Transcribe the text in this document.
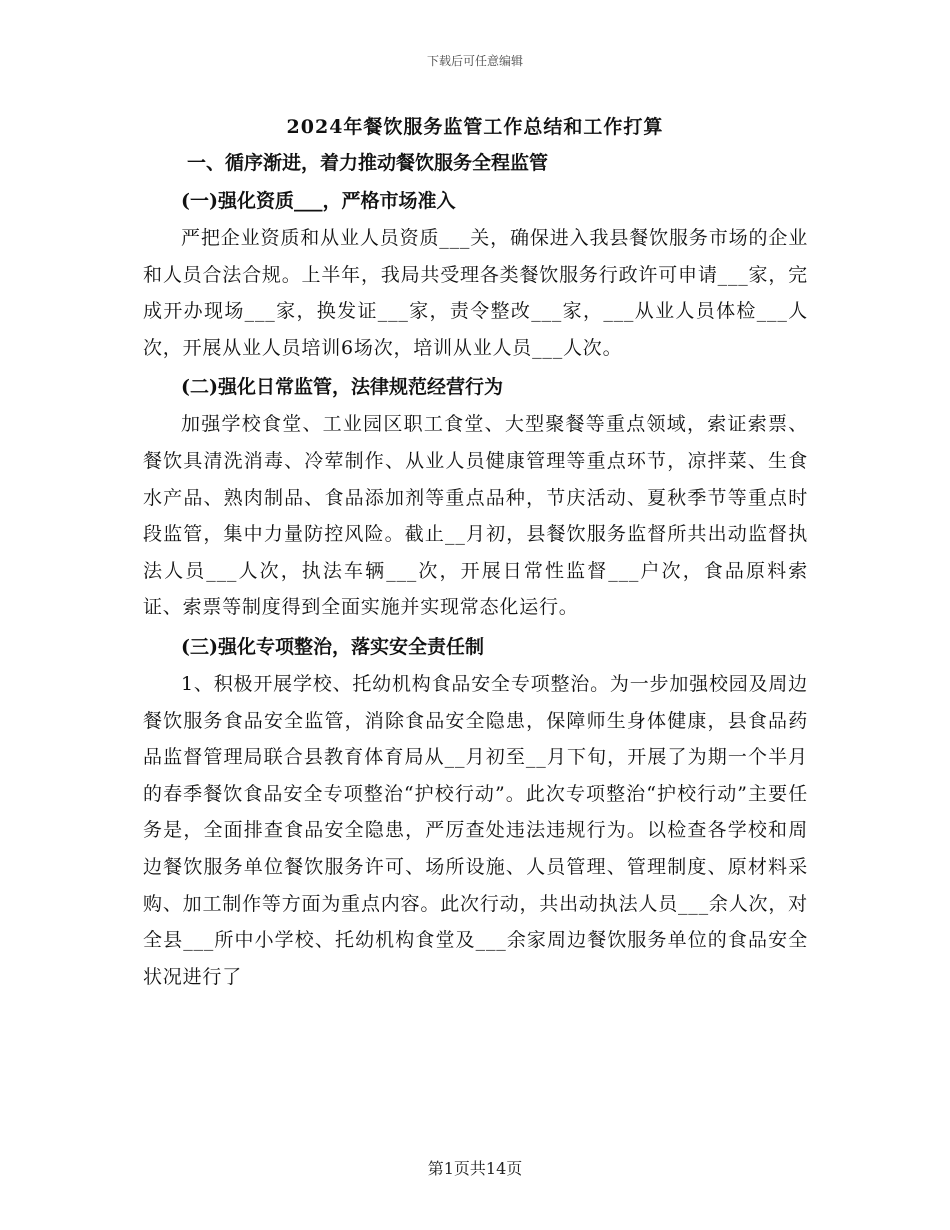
下载后可任意编辑
2024年餐饮服务监管工作总结和工作打算
一、循序渐进，着力推动餐饮服务全程监管
(一)强化资质___，严格市场准入

严把企业资质和从业人员资质___关，确保进入我县餐饮服务市场的企业和人员合法合规。上半年，我局共受理各类餐饮服务行政许可申请___家，完成开办现场___家，换发证___家，责令整改___家，___从业人员体检___人次，开展从业人员培训6场次，培训从业人员___人次。

(二)强化日常监管，法律规范经营行为

加强学校食堂、工业园区职工食堂、大型聚餐等重点领域，索证索票、餐饮具清洗消毒、冷荤制作、从业人员健康管理等重点环节，凉拌菜、生食水产品、熟肉制品、食品添加剂等重点品种，节庆活动、夏秋季节等重点时段监管，集中力量防控风险。截止__月初，县餐饮服务监督所共出动监督执法人员___人次，执法车辆___次，开展日常性监督___户次，食品原料索证、索票等制度得到全面实施并实现常态化运行。

(三)强化专项整治，落实安全责任制

1、积极开展学校、托幼机构食品安全专项整治。为一步加强校园及周边餐饮服务食品安全监管，消除食品安全隐患，保障师生身体健康，县食品药品监督管理局联合县教育体育局从__月初至__月下旬，开展了为期一个半月的春季餐饮食品安全专项整治“护校行动”。此次专项整治“护校行动”主要任务是，全面排查食品安全隐患，严厉查处违法违规行为。以检查各学校和周边餐饮服务单位餐饮服务许可、场所设施、人员管理、管理制度、原材料采购、加工制作等方面为重点内容。此次行动，共出动执法人员___余人次，对全县___所中小学校、托幼机构食堂及___余家周边餐饮服务单位的食品安全状况进行了

第1页共14页
